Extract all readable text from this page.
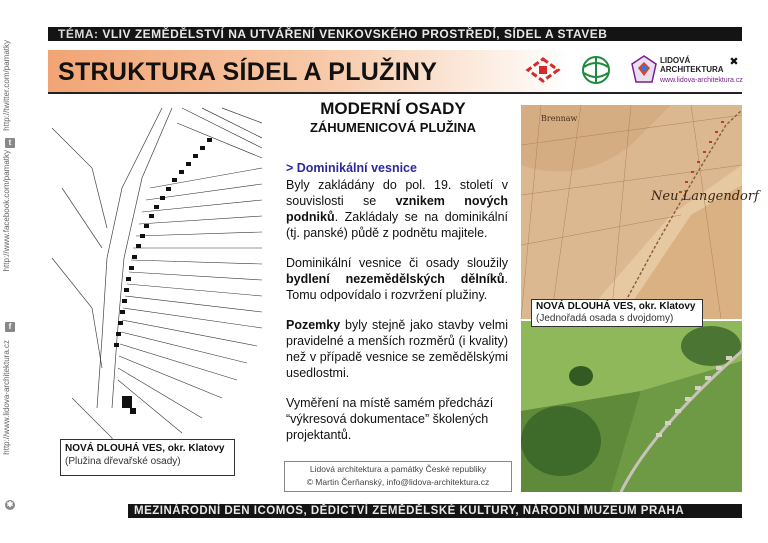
t
http://twitter.com/pamatky
f
http://www.facebook.com/pamatky
✱
http://www.lidova-architektura.cz
TÉMA: VLIV ZEMĚDĚLSTVÍ NA UTVÁŘENÍ VENKOVSKÉHO PROSTŘEDÍ, SÍDEL A STAVEB
STRUKTURA SÍDEL A PLUŽINY	LIDOVÁ
ARCHITEKTURA
www.lidova-architektura.cz
✖
NOVÁ DLOUHÁ VES, okr. Klatovy
(Plužina dřevařské osady)
MODERNÍ OSADY
ZÁHUMENICOVÁ PLUŽINA

> Dominikální vesnice
Byly zakládány do pol. 19. století v souvislosti se vznikem nových podniků. Zakládaly se na dominikální (tj. panské) půdě z podnětu majitele.

Dominikální vesnice či osady sloužily bydlení nezemědělských dělníků. Tomu odpovídalo i rozvržení plužiny.

Pozemky byly stejně jako stavby velmi pravidelné a menších rozměrů (i kvality) než v případě vesnice se zemědělskými usedlostmi.

Vyměření na místě samém předchází “výkresová dokumentace” školených projektantů.

Lidová architektura a památky České republiky
© Martin Čerňanský, info@lidova-architektura.cz
Brennaw
Neu Langendorf
NOVÁ DLOUHÁ VES, okr. Klatovy
(Jednořadá osada s dvojdomy)
MEZINÁRODNÍ DEN ICOMOS, DĚDICTVÍ ZEMĚDĚLSKÉ KULTURY, NÁRODNÍ MUZEUM PRAHA
